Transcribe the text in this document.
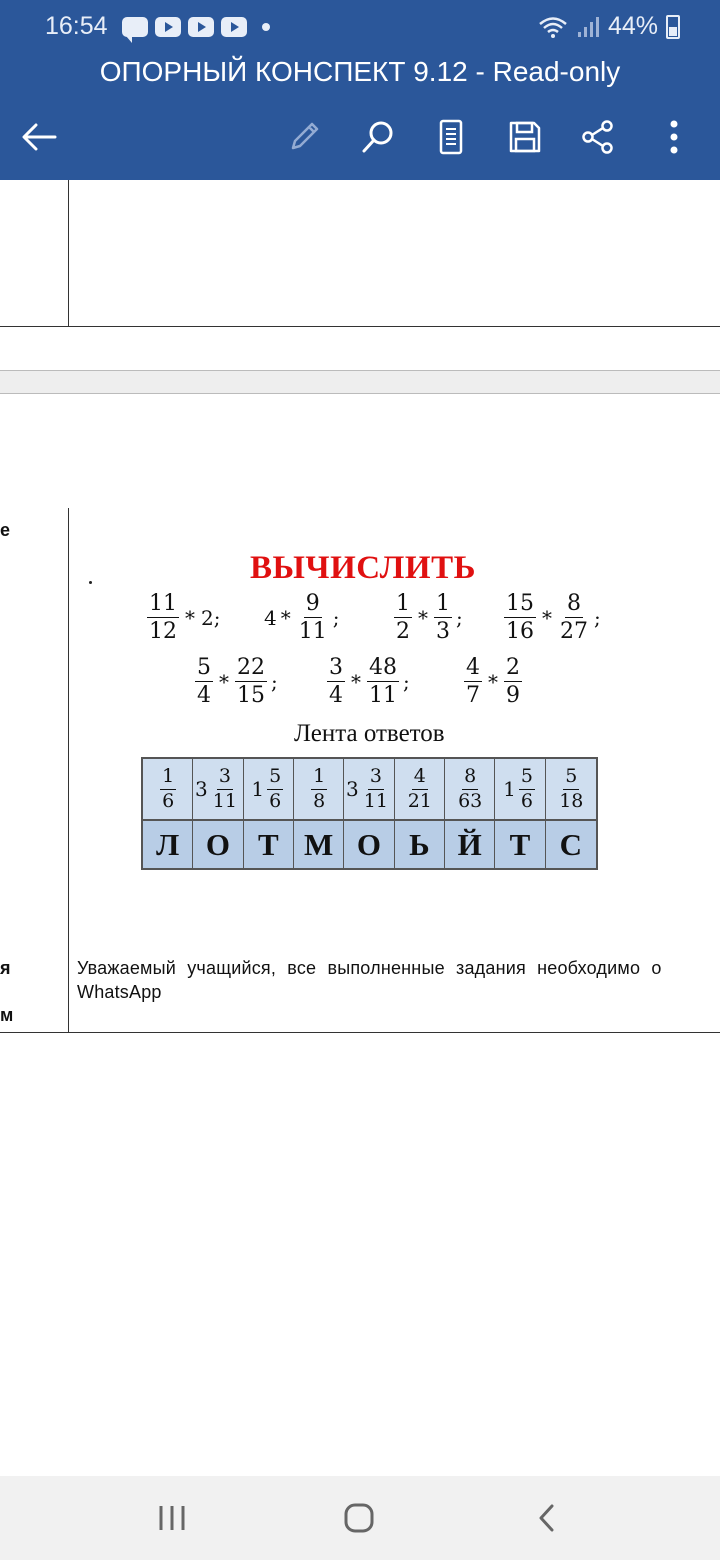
16:54	44%
ОПОРНЫЙ КОНСПЕКТ 9.12 - Read-only
е
я
м
ВЫЧИСЛИТЬ
$\frac{11}{12} * 2$; $4 * \frac{9}{11}$ ; $\frac{1}{2} * \frac{1}{3}$ ; $\frac{15}{16} * \frac{8}{27}$ ;
$\frac{5}{4} * \frac{22}{15}$ ; $\frac{3}{4} * \frac{48}{11}$ ; $\frac{4}{7} * \frac{2}{9}$
Лента ответов
$\frac{1}{6} 3 \frac{3}{11} 1 \frac{5}{6} \frac{1}{8} 3 \frac{3}{11} \frac{4}{21} \frac{8}{63} 1 \frac{5}{6} \frac{5}{18}$
Л О Т М О Ь Й Т С
Уважаемый учащийся, все выполненные задания необходимо о
WhatsApp
